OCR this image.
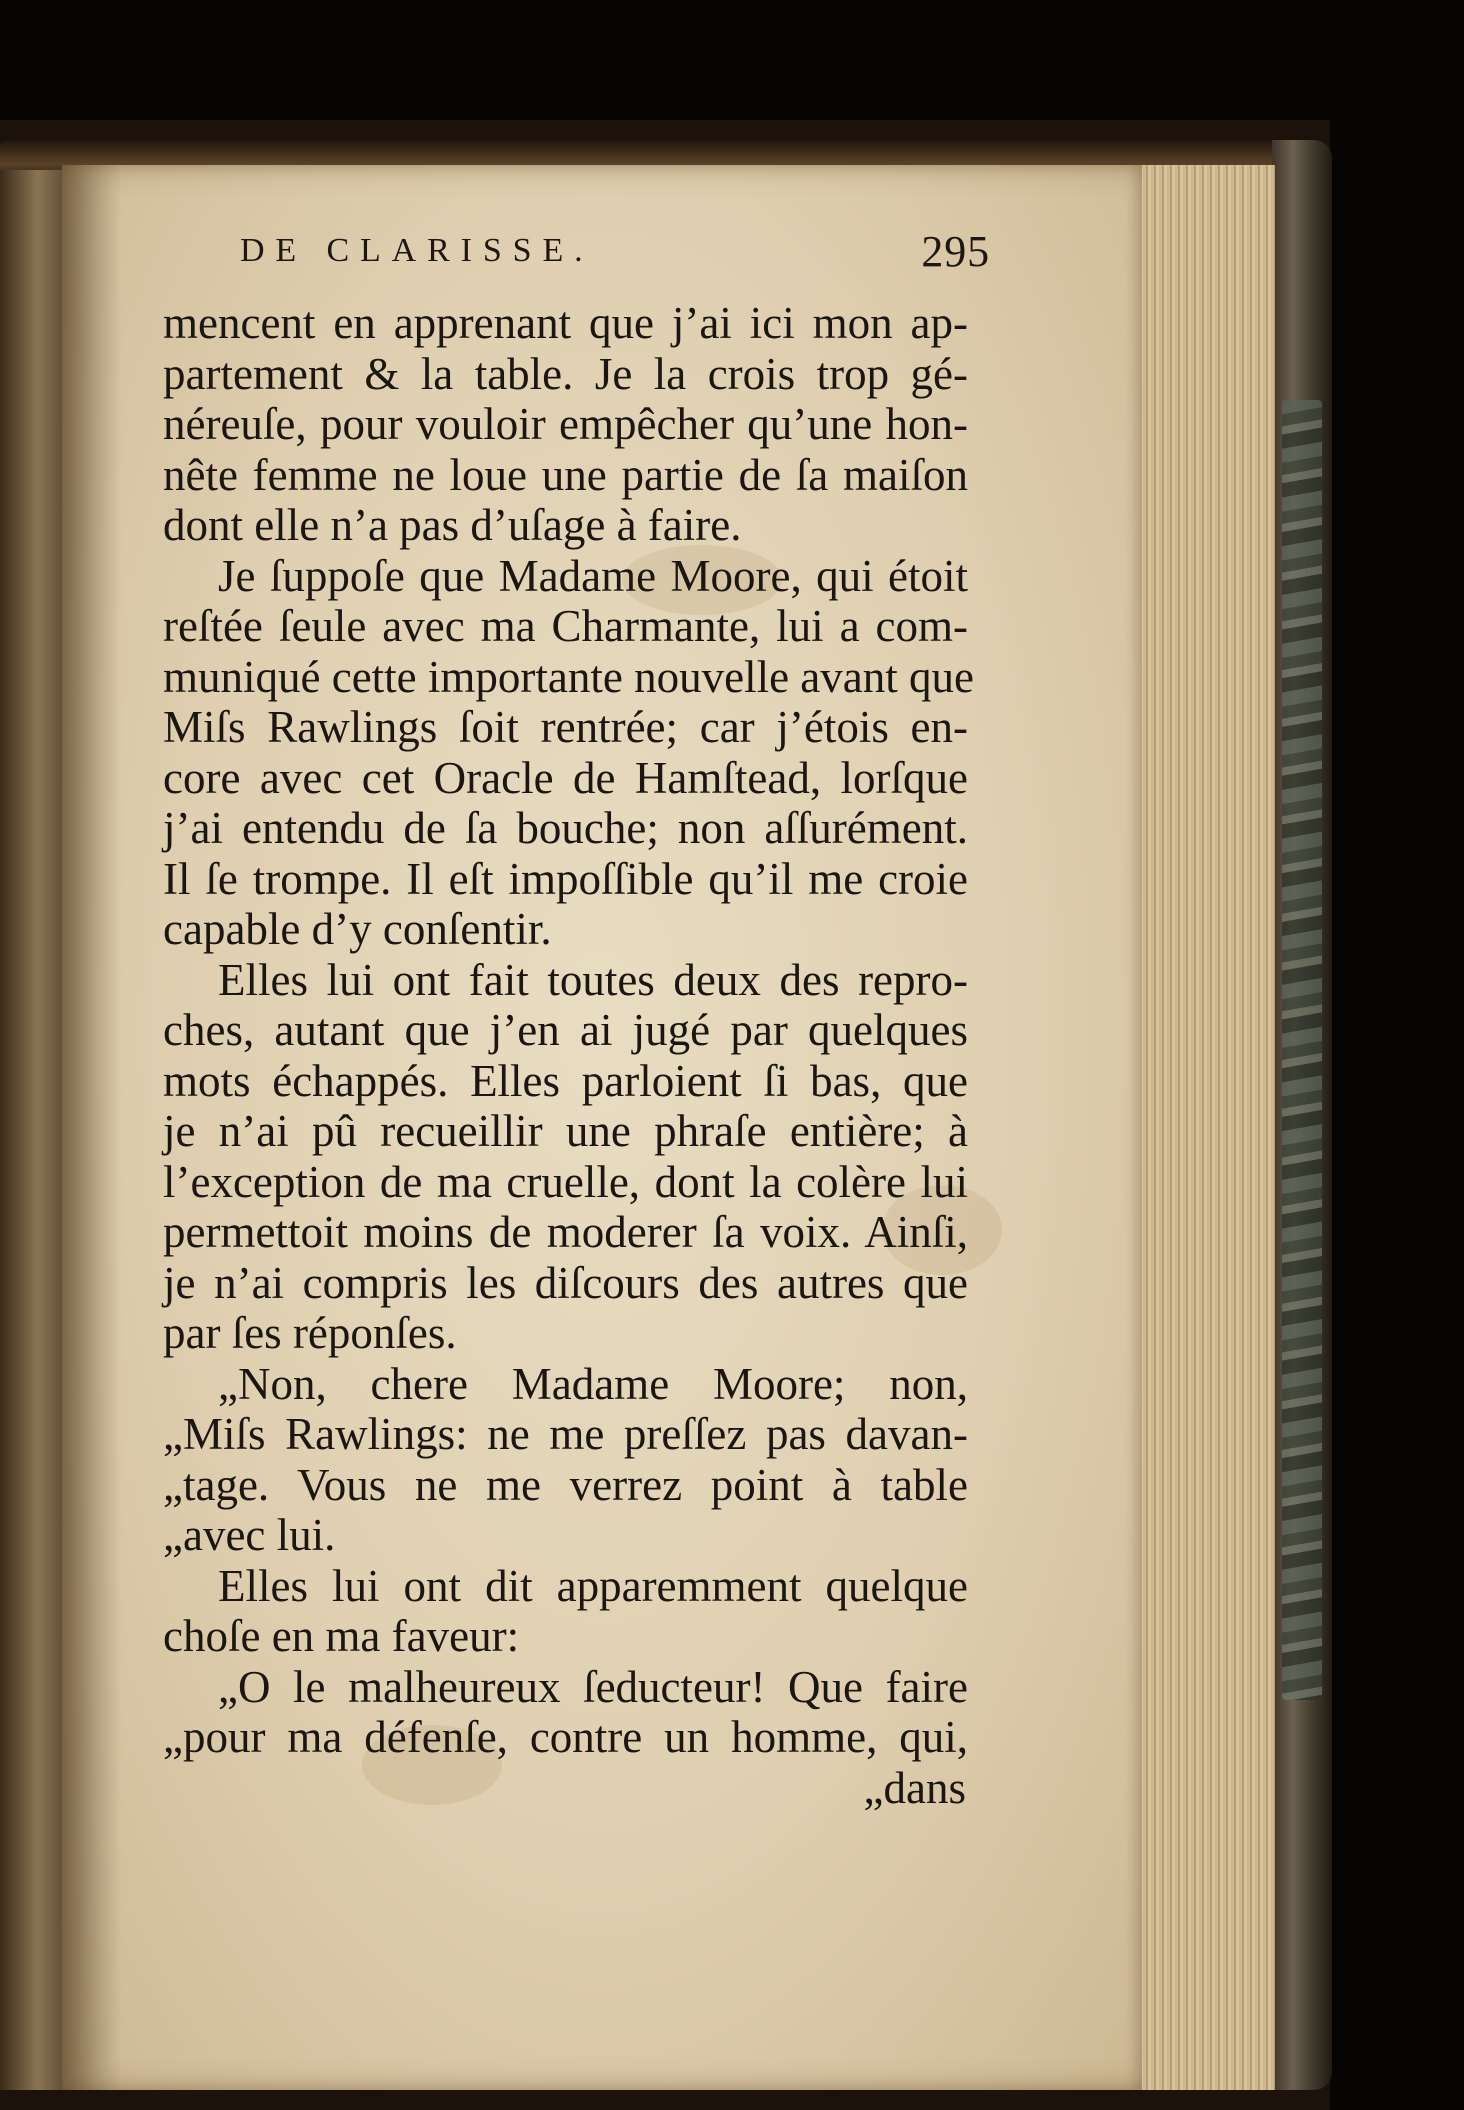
DE CLARISSE.	295
mencent en apprenant que j’ai ici mon ap-
partement & la table. Je la crois trop gé-
néreuſe, pour vouloir empêcher qu’une hon-
nête femme ne loue une partie de ſa maiſon
dont elle n’a pas d’uſage à faire.
Je ſuppoſe que Madame Moore, qui étoit
reſtée ſeule avec ma Charmante, lui a com-
muniqué cette importante nouvelle avant que
Miſs Rawlings ſoit rentrée; car j’étois en-
core avec cet Oracle de Hamſtead, lorſque
j’ai entendu de ſa bouche; non aſſurément.
Il ſe trompe. Il eſt impoſſible qu’il me croie
capable d’y conſentir.
Elles lui ont fait toutes deux des repro-
ches, autant que j’en ai jugé par quelques
mots échappés. Elles parloient ſi bas, que
je n’ai pû recueillir une phraſe entière; à
l’exception de ma cruelle, dont la colère lui
permettoit moins de moderer ſa voix. Ainſi,
je n’ai compris les diſcours des autres que
par ſes réponſes.
„Non, chere Madame Moore; non,
„Miſs Rawlings: ne me preſſez pas davan-
„tage. Vous ne me verrez point à table
„avec lui.
Elles lui ont dit apparemment quelque
choſe en ma faveur:
„O le malheureux ſeducteur! Que faire
„pour ma défenſe, contre un homme, qui,
„dans
